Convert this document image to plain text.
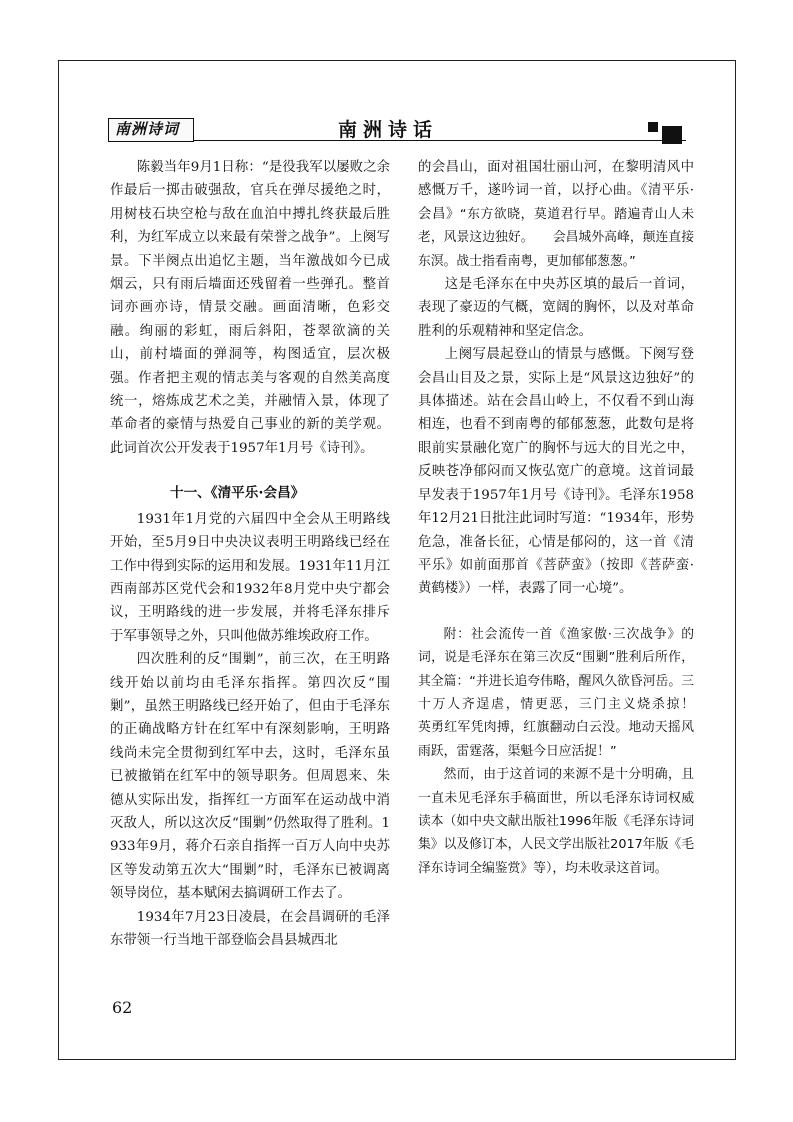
南洲诗词	南洲诗话

陈毅当年9月1日称：“是役我军以屡败之余作最后一掷击破强敌，官兵在弹尽援绝之时，用树枝石块空枪与敌在血泊中搏扎终获最后胜利，为红军成立以来最有荣誉之战争”。上阕写景。下半阕点出追忆主题，当年激战如今已成烟云，只有雨后墙面还残留着一些弹孔。整首词亦画亦诗，情景交融。画面清晰，色彩交融。绚丽的彩虹，雨后斜阳，苍翠欲滴的关山，前村墙面的弹洞等，构图适宜，层次极强。作者把主观的情志美与客观的自然美高度统一，熔炼成艺术之美，并融情入景，体现了革命者的豪情与热爱自己事业的新的美学观。此词首次公开发表于1957年1月号《诗刊》。

十一、《清平乐·会昌》

1931年1月党的六届四中全会从王明路线开始，至5月9日中央决议表明王明路线已经在工作中得到实际的运用和发展。1931年11月江西南部苏区党代会和1932年8月党中央宁都会议，王明路线的进一步发展，并将毛泽东排斥于军事领导之外，只叫他做苏维埃政府工作。

四次胜利的反“围剿”，前三次，在王明路线开始以前均由毛泽东指挥。第四次反“围剿”，虽然王明路线已经开始了，但由于毛泽东的正确战略方针在红军中有深刻影响，王明路线尚未完全贯彻到红军中去，这时，毛泽东虽已被撤销在红军中的领导职务。但周恩来、朱德从实际出发，指挥红一方面军在运动战中消灭敌人，所以这次反“围剿”仍然取得了胜利。1933年9月，蒋介石亲自指挥一百万人向中央苏区等发动第五次大“围剿”时，毛泽东已被调离领导岗位，基本赋闲去搞调研工作去了。

1934年7月23日凌晨，在会昌调研的毛泽东带领一行当地干部登临会昌县城西北

的会昌山，面对祖国壮丽山河，在黎明清风中感慨万千，遂吟词一首，以抒心曲。《清平乐·会昌》“东方欲晓，莫道君行早。踏遍青山人未老，风景这边独好。　　会昌城外高峰，颠连直接东溟。战士指看南粤，更加郁郁葱葱。”

这是毛泽东在中央苏区填的最后一首词，表现了豪迈的气概，宽阔的胸怀，以及对革命胜利的乐观精神和坚定信念。

上阕写晨起登山的情景与感慨。下阕写登会昌山目及之景，实际上是“风景这边独好”的具体描述。站在会昌山岭上，不仅看不到山海相连，也看不到南粤的郁郁葱葱，此数句是将眼前实景融化宽广的胸怀与远大的目光之中，反映苍净郁闷而又恢弘宽广的意境。这首词最早发表于1957年1月号《诗刊》。毛泽东1958年12月21日批注此词时写道：“1934年，形势危急，准备长征，心情是郁闷的，这一首《清平乐》如前面那首《菩萨蛮》（按即《菩萨蛮·黄鹤楼》）一样，表露了同一心境”。

附：社会流传一首《渔家傲·三次战争》的词，说是毛泽东在第三次反“围剿”胜利后所作，其全篇：“并进长追夸伟略，醒风久欲昏河岳。三十万人齐逞虐，情更恶，三门主义烧杀掠！　　英勇红军凭肉搏，红旗翻动白云没。地动天摇风雨跃，雷霆落，渠魁今日应活捉！”

然而，由于这首词的来源不是十分明确，且一直未见毛泽东手稿面世，所以毛泽东诗词权威读本（如中央文献出版社1996年版《毛泽东诗词集》以及修订本，人民文学出版社2017年版《毛泽东诗词全编鉴赏》等），均未收录这首词。

62
